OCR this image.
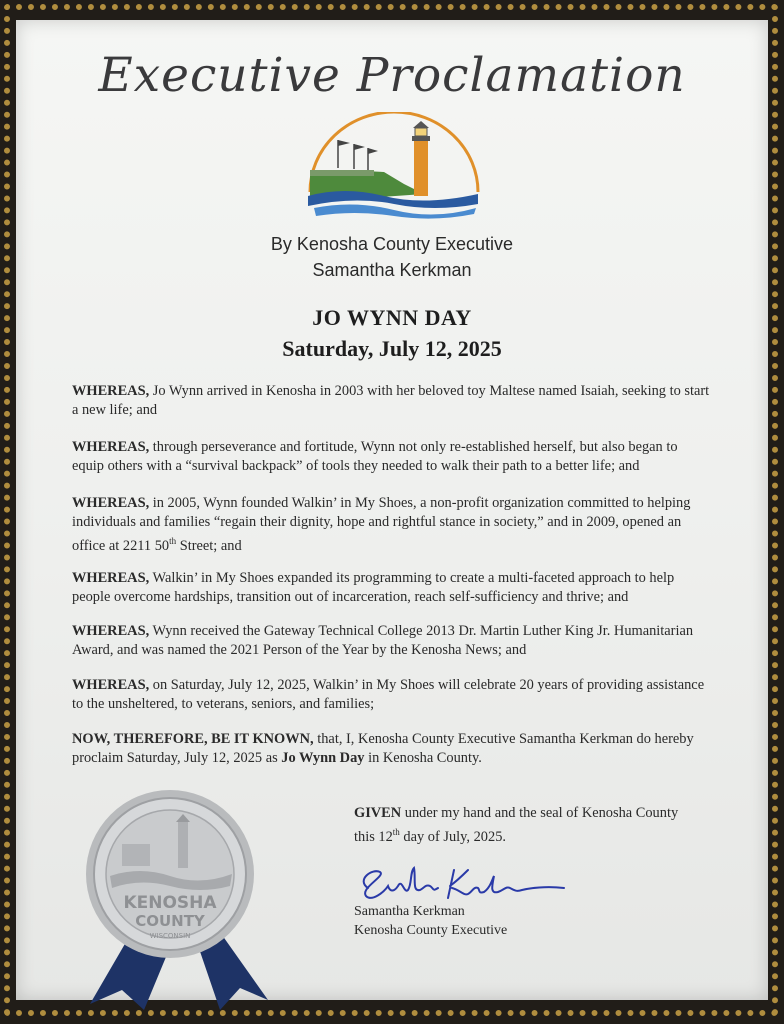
Executive Proclamation
By Kenosha County Executive
Samantha Kerkman
JO WYNN DAY
Saturday, July 12, 2025
WHEREAS, Jo Wynn arrived in Kenosha in 2003 with her beloved toy Maltese named Isaiah, seeking to start a new life; and
WHEREAS, through perseverance and fortitude, Wynn not only re-established herself, but also began to equip others with a “survival backpack” of tools they needed to walk their path to a better life; and
WHEREAS, in 2005, Wynn founded Walkin’ in My Shoes, a non-profit organization committed to helping individuals and families “regain their dignity, hope and rightful stance in society,” and in 2009, opened an office at 2211 50th Street; and
WHEREAS, Walkin’ in My Shoes expanded its programming to create a multi-faceted approach to help people overcome hardships, transition out of incarceration, reach self-sufficiency and thrive; and
WHEREAS, Wynn received the Gateway Technical College 2013 Dr. Martin Luther King Jr. Humanitarian Award, and was named the 2021 Person of the Year by the Kenosha News; and
WHEREAS, on Saturday, July 12, 2025, Walkin’ in My Shoes will celebrate 20 years of providing assistance to the unsheltered, to veterans, seniors, and families;
NOW, THEREFORE, BE IT KNOWN, that, I, Kenosha County Executive Samantha Kerkman do hereby proclaim Saturday, July 12, 2025 as Jo Wynn Day in Kenosha County.
GIVEN under my hand and the seal of Kenosha County
this 12th day of July, 2025.
Samantha Kerkman
Kenosha County Executive
KENOSHA
COUNTY
WISCONSIN
